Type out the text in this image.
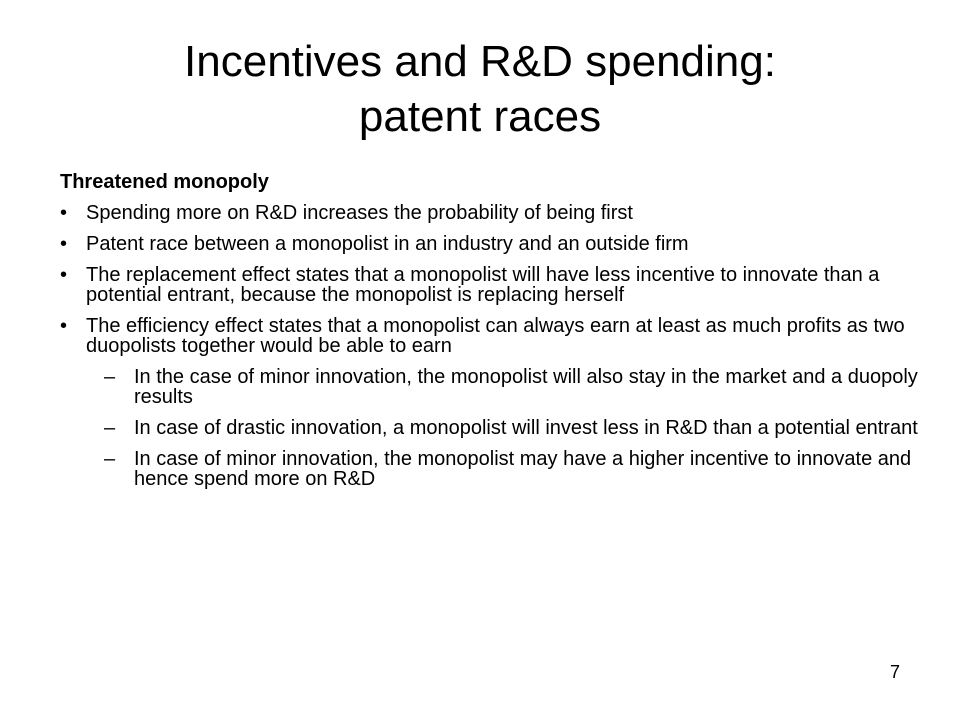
Incentives and R&D spending:
patent races
Threatened monopoly
• Spending more on R&D increases the probability of being first
• Patent race between a monopolist in an industry and an outside firm
• The replacement effect states that a monopolist will have less incentive to innovate than a potential entrant, because the monopolist is replacing herself
• The efficiency effect states that a monopolist can always earn at least as much profits as two duopolists together would be able to earn
– In the case of minor innovation, the monopolist will also stay in the market and a duopoly results
– In case of drastic innovation, a monopolist will invest less in R&D than a potential entrant
– In case of minor innovation, the monopolist may have a higher incentive to innovate and hence spend more on R&D
7
